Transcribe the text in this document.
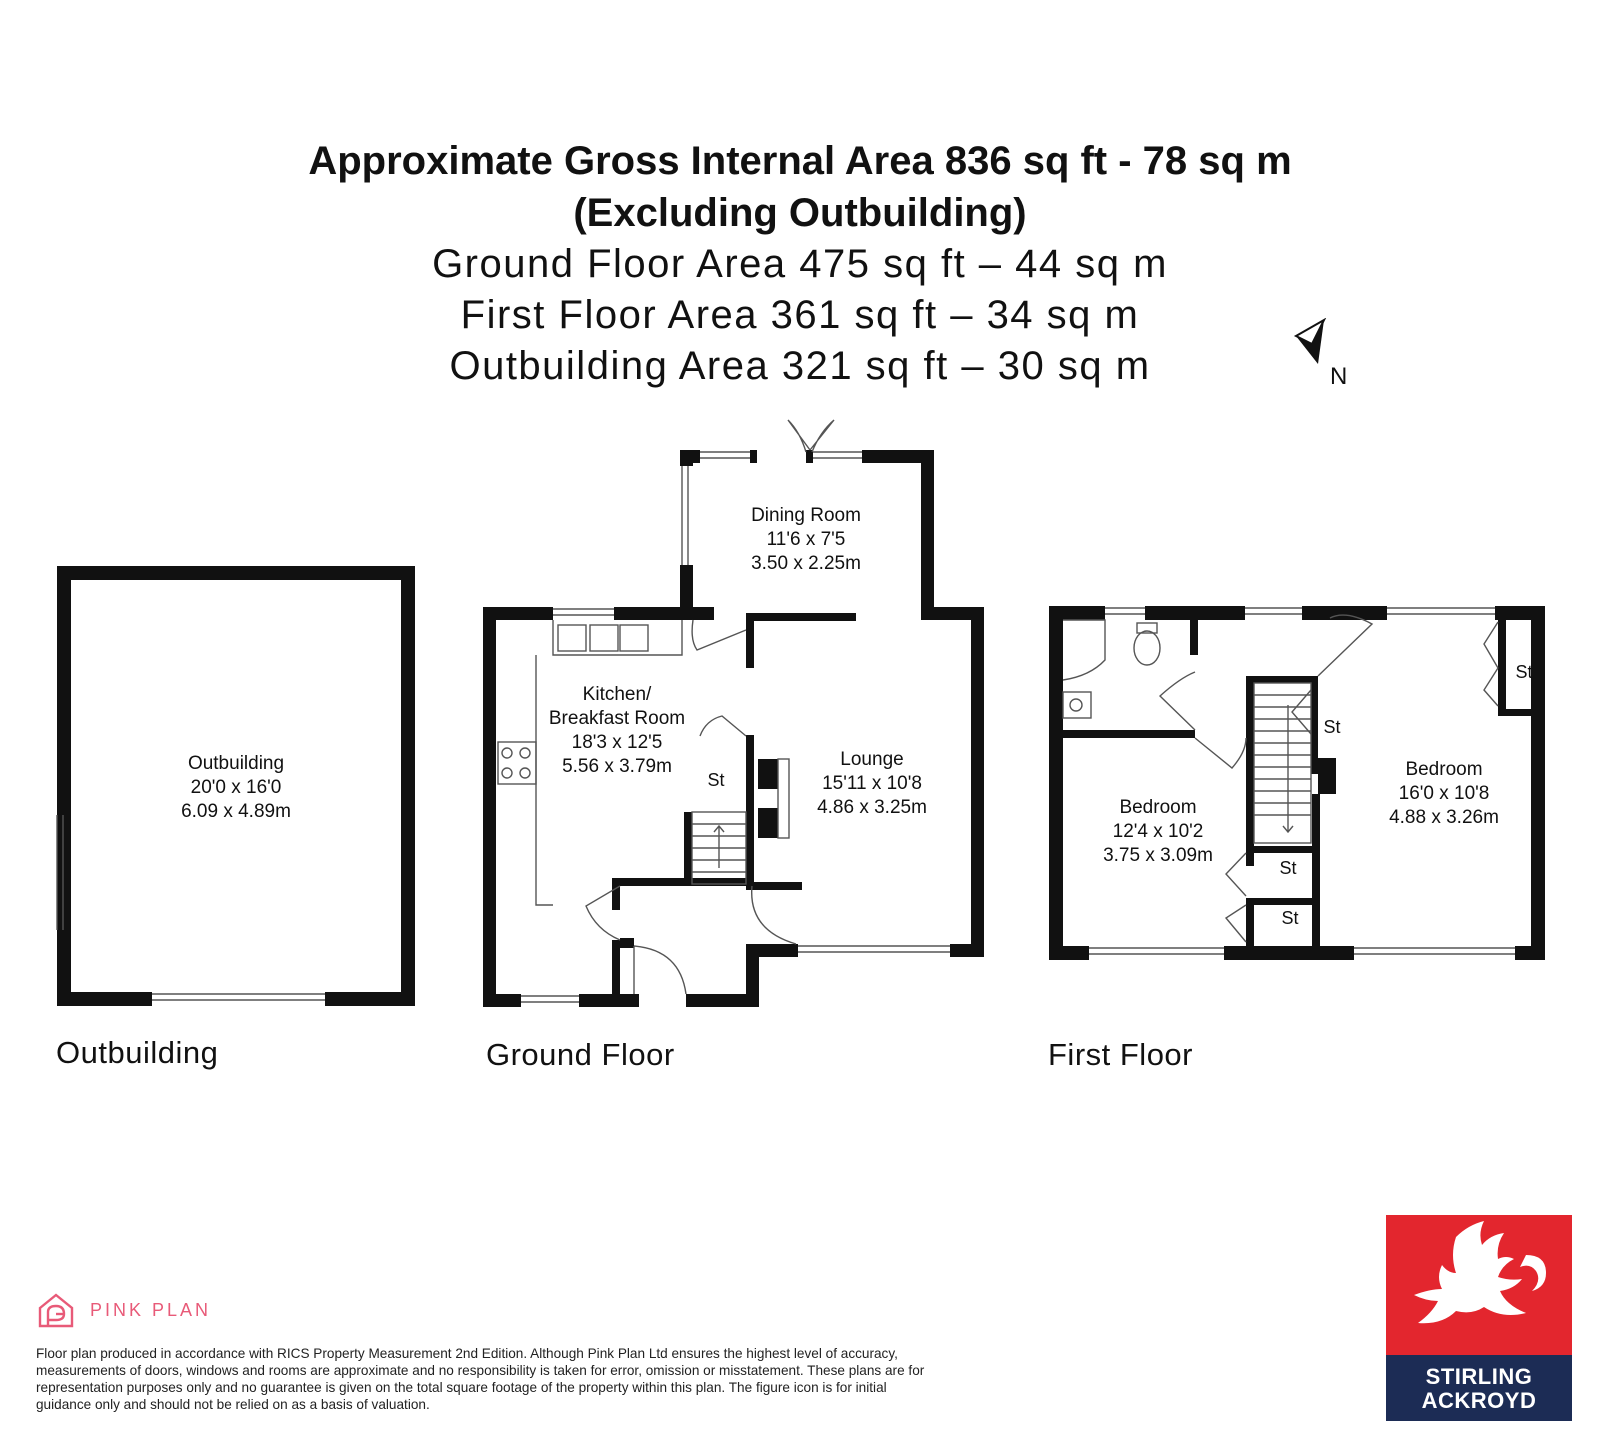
Approximate Gross Internal Area 836 sq ft - 78 sq m
(Excluding Outbuilding)
Ground Floor Area 475 sq ft – 44 sq m
First Floor Area 361 sq ft – 34 sq m
Outbuilding Area 321 sq ft – 30 sq m	N
Outbuilding
20'0 x 16'0
6.09 x 4.89m
Dining Room
11'6 x 7'5
3.50 x 2.25m
Kitchen/
Breakfast Room
18'3 x 12'5
5.56 x 3.79m	Lounge
15'11 x 10'8
4.86 x 3.25m	Bedroom
12'4 x 10'2
3.75 x 3.09m
Bedroom
16'0 x 10'8
4.88 x 3.26m
St
St
St
St
St
Outbuilding	Ground Floor	First Floor
PINK PLAN
Floor plan produced in accordance with RICS Property Measurement 2nd Edition. Although Pink Plan Ltd ensures the highest level of accuracy, measurements of doors, windows and rooms are approximate and no responsibility is taken for error, omission or misstatement. These plans are for representation purposes only and no guarantee is given on the total square footage of the property within this plan. The figure icon is for initial guidance only and should not be relied on as a basis of valuation.
STIRLING
ACKROYD
